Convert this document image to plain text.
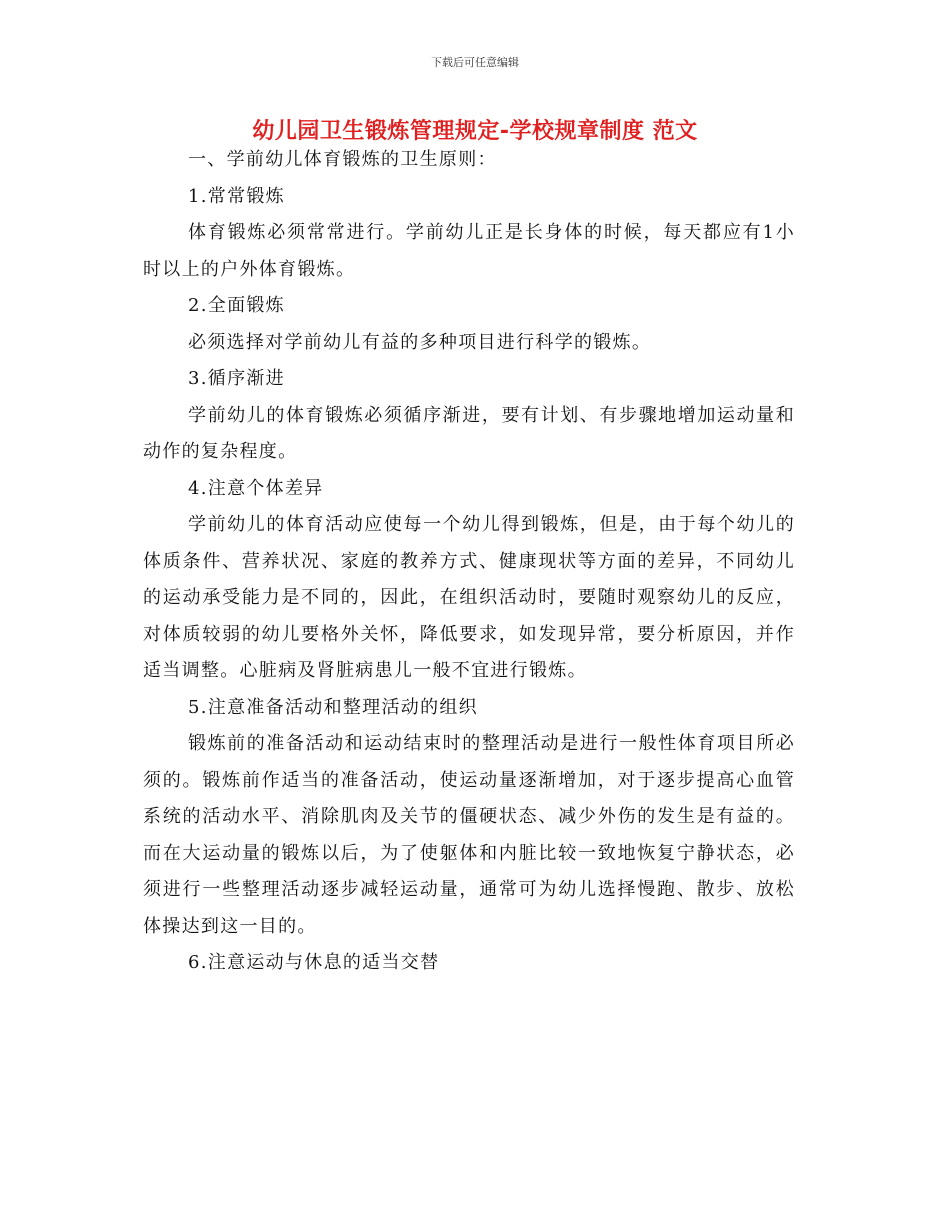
下载后可任意编辑
幼儿园卫生锻炼管理规定-学校规章制度 范文

一、学前幼儿体育锻炼的卫生原则：

1.常常锻炼

体育锻炼必须常常进行。学前幼儿正是长身体的时候，每天都应有1小时以上的户外体育锻炼。

2.全面锻炼

必须选择对学前幼儿有益的多种项目进行科学的锻炼。

3.循序渐进

学前幼儿的体育锻炼必须循序渐进，要有计划、有步骤地增加运动量和动作的复杂程度。

4.注意个体差异

学前幼儿的体育活动应使每一个幼儿得到锻炼，但是，由于每个幼儿的体质条件、营养状况、家庭的教养方式、健康现状等方面的差异，不同幼儿的运动承受能力是不同的，因此，在组织活动时，要随时观察幼儿的反应，对体质较弱的幼儿要格外关怀，降低要求，如发现异常，要分析原因，并作适当调整。心脏病及肾脏病患儿一般不宜进行锻炼。

5.注意准备活动和整理活动的组织

锻炼前的准备活动和运动结束时的整理活动是进行一般性体育项目所必须的。锻炼前作适当的准备活动，使运动量逐渐增加，对于逐步提高心血管系统的活动水平、消除肌肉及关节的僵硬状态、减少外伤的发生是有益的。而在大运动量的锻炼以后，为了使躯体和内脏比较一致地恢复宁静状态，必须进行一些整理活动逐步减轻运动量，通常可为幼儿选择慢跑、散步、放松体操达到这一目的。

6.注意运动与休息的适当交替
